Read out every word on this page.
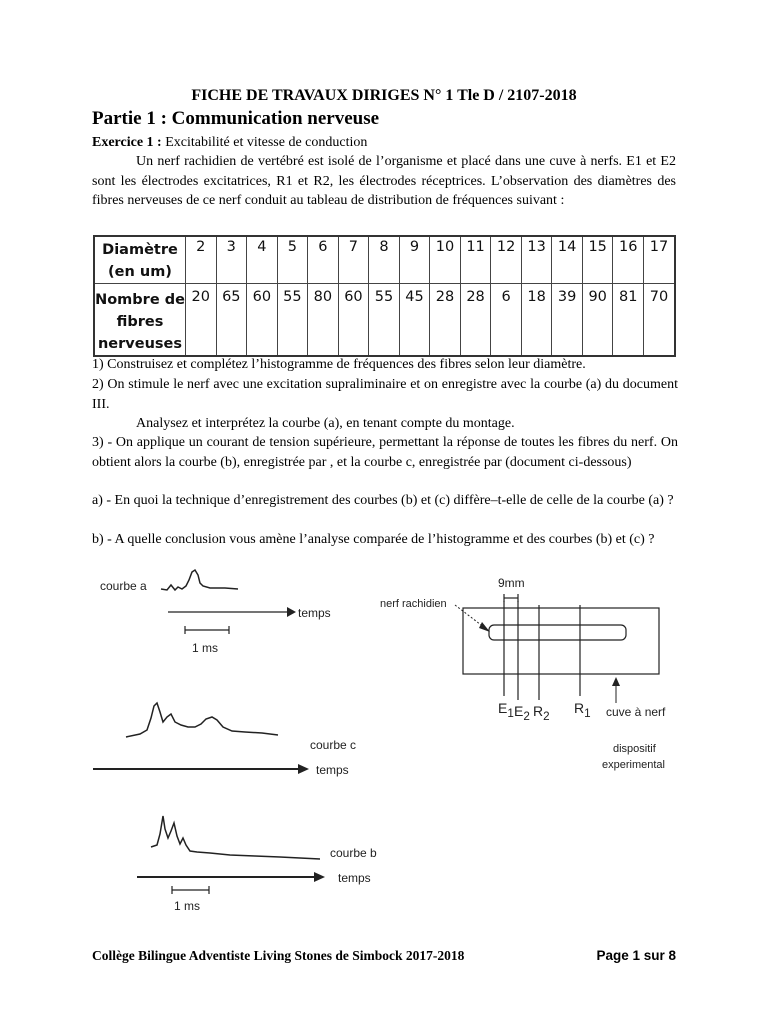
FICHE DE TRAVAUX DIRIGES N° 1 Tle D / 2107-2018
Partie 1 : Communication nerveuse
Exercice 1 : Excitabilité et vitesse de conduction
Un nerf rachidien de vertébré est isolé de l’organisme et placé dans une cuve à nerfs. E1 et E2 sont les électrodes excitatrices, R1 et R2, les électrodes réceptrices. L’observation des diamètres des fibres nerveuses de ce nerf conduit au tableau de distribution de fréquences suivant :
Diamètre (en um)	2	3	4	5	6	7	8	9	10	11	12	13	14	15	16	17
Nombre de fibres nerveuses	20	65	60	55	80	60	55	45	28	28	6	18	39	90	81	70
1) Construisez et complétez l’histogramme de fréquences des fibres selon leur diamètre.
2) On stimule le nerf avec une excitation supraliminaire et on enregistre avec la courbe (a) du document III.
Analysez et interprétez la courbe (a), en tenant compte du montage.
3) - On applique un courant de tension supérieure, permettant la réponse de toutes les fibres du nerf. On obtient alors la courbe (b), enregistrée par , et la courbe c, enregistrée par (document ci-dessous)
a) - En quoi la technique d’enregistrement des courbes (b) et (c) diffère–t-elle de celle de la courbe (a) ?
b) - A quelle conclusion vous amène l’analyse comparée de l’histogramme et des courbes (b) et (c) ?
courbe a
temps
1 ms
courbe c
temps
courbe b
temps
1 ms
9mm
nerf rachidien
$E_1$ $E_2$ $R_2$
$R_1$ cuve à nerf
dispositif
experimental
Collège Bilingue Adventiste Living Stones de Simbock 2017-2018	Page 1 sur 8
